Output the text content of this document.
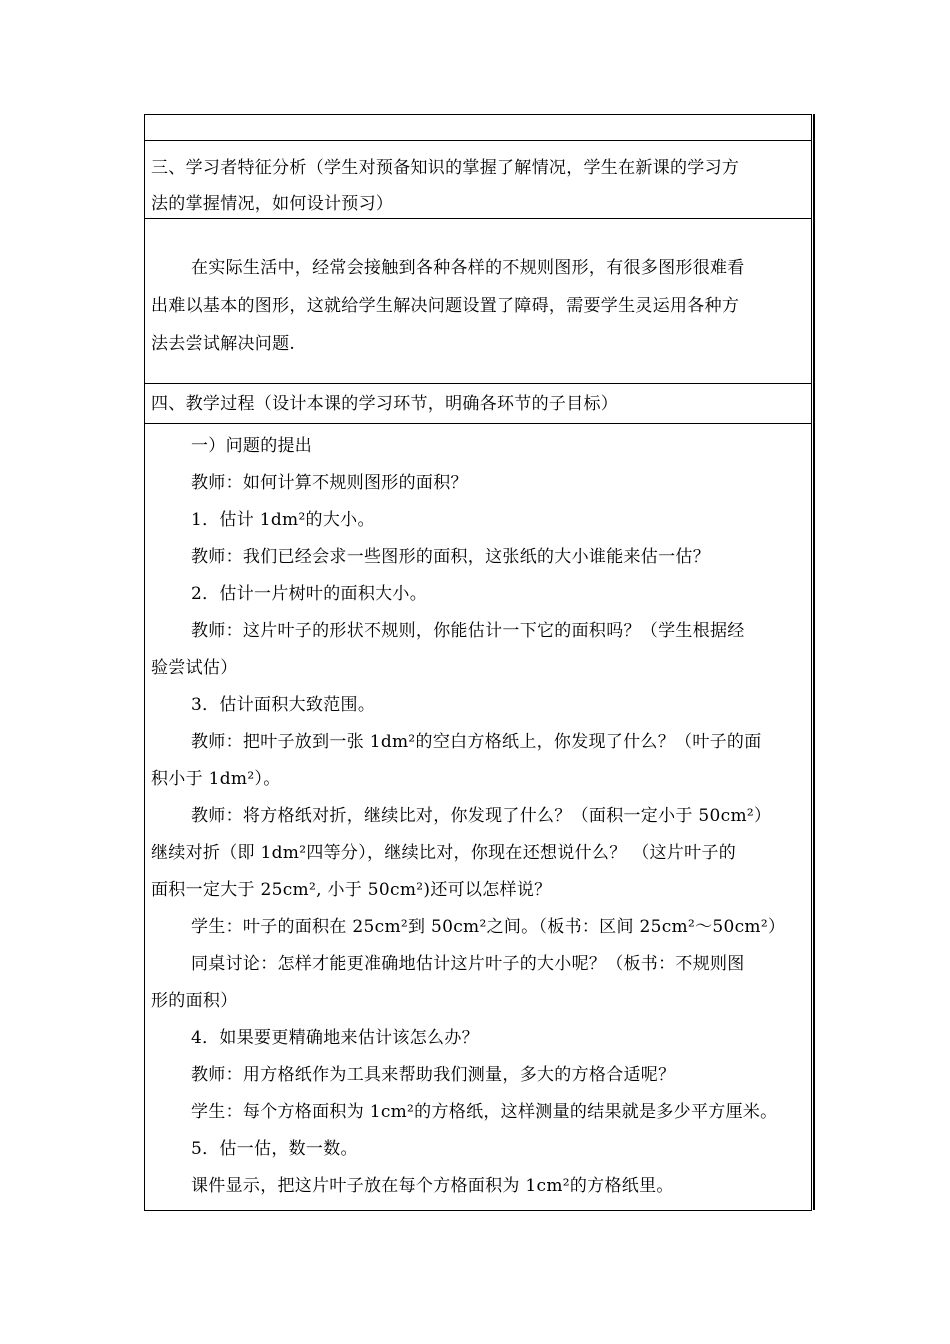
三、学习者特征分析（学生对预备知识的掌握了解情况，学生在新课的学习方
法的掌握情况，如何设计预习）
在实际生活中，经常会接触到各种各样的不规则图形，有很多图形很难看
出难以基本的图形，这就给学生解决问题设置了障碍，需要学生灵运用各种方
法去尝试解决问题.
四、教学过程（设计本课的学习环节，明确各环节的子目标）
一）问题的提出
教师：如何计算不规则图形的面积？
1．估计 1dm²的大小。
教师：我们已经会求一些图形的面积，这张纸的大小谁能来估一估？
2．估计一片树叶的面积大小。
教师：这片叶子的形状不规则，你能估计一下它的面积吗？（学生根据经
验尝试估）
3．估计面积大致范围。
教师：把叶子放到一张 1dm²的空白方格纸上，你发现了什么？（叶子的面
积小于 1dm²）。
教师：将方格纸对折，继续比对，你发现了什么？（面积一定小于 50cm²）
继续对折（即 1dm²四等分），继续比对，你现在还想说什么？ （这片叶子的
面积一定大于 25cm², 小于 50cm²)还可以怎样说？
学生：叶子的面积在 25cm²到 50cm²之间。（板书：区间 25cm²～50cm²）
同桌讨论：怎样才能更准确地估计这片叶子的大小呢？（板书：不规则图
形的面积）
4．如果要更精确地来估计该怎么办？
教师：用方格纸作为工具来帮助我们测量，多大的方格合适呢？
学生：每个方格面积为 1cm²的方格纸，这样测量的结果就是多少平方厘米。
5．估一估，数一数。
课件显示，把这片叶子放在每个方格面积为 1cm²的方格纸里。
